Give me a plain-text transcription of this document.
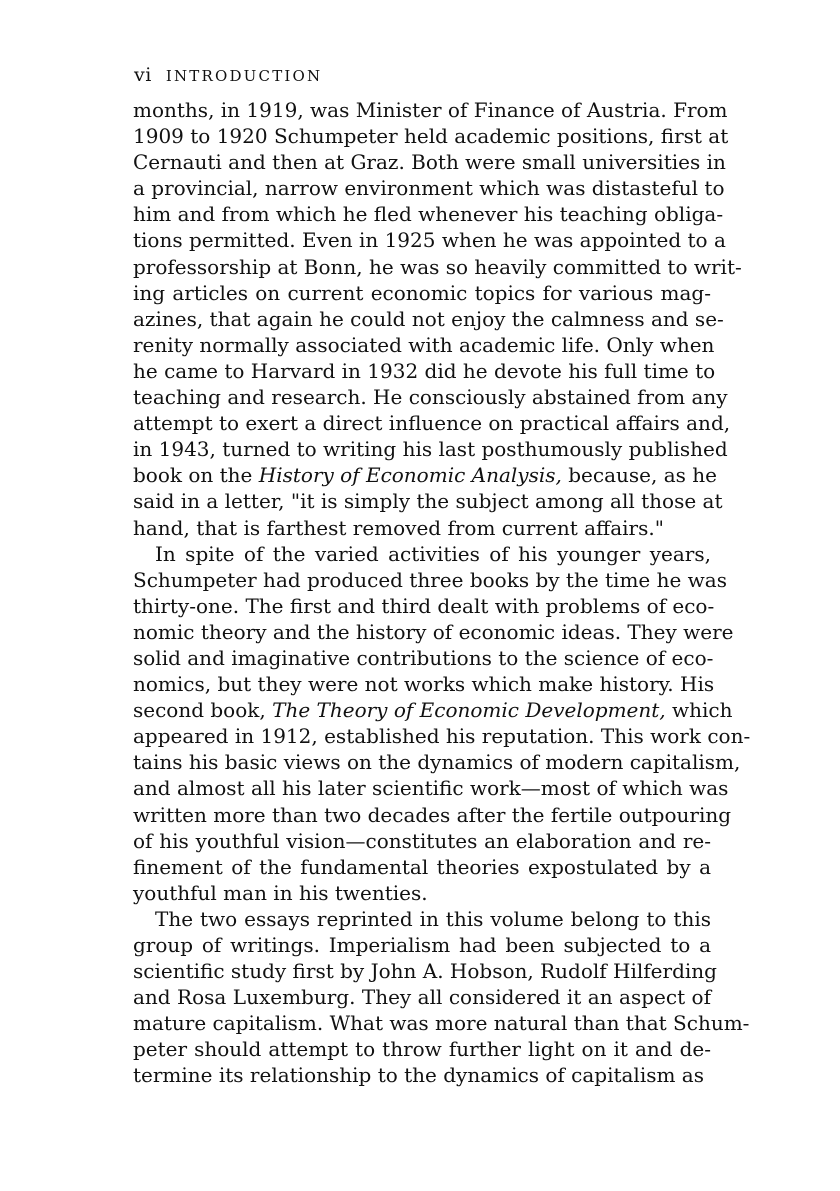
vi INTRODUCTION
months, in 1919, was Minister of Finance of Austria. From
1909 to 1920 Schumpeter held academic positions, first at
Cernauti and then at Graz. Both were small universities in
a provincial, narrow environment which was distasteful to
him and from which he fled whenever his teaching obliga-
tions permitted. Even in 1925 when he was appointed to a
professorship at Bonn, he was so heavily committed to writ-
ing articles on current economic topics for various mag-
azines, that again he could not enjoy the calmness and se-
renity normally associated with academic life. Only when
he came to Harvard in 1932 did he devote his full time to
teaching and research. He consciously abstained from any
attempt to exert a direct influence on practical affairs and,
in 1943, turned to writing his last posthumously published
book on the History of Economic Analysis, because, as he
said in a letter, "it is simply the subject among all those at
hand, that is farthest removed from current affairs."
In spite of the varied activities of his younger years,
Schumpeter had produced three books by the time he was
thirty-one. The first and third dealt with problems of eco-
nomic theory and the history of economic ideas. They were
solid and imaginative contributions to the science of eco-
nomics, but they were not works which make history. His
second book, The Theory of Economic Development, which
appeared in 1912, established his reputation. This work con-
tains his basic views on the dynamics of modern capitalism,
and almost all his later scientific work—most of which was
written more than two decades after the fertile outpouring
of his youthful vision—constitutes an elaboration and re-
finement of the fundamental theories expostulated by a
youthful man in his twenties.
The two essays reprinted in this volume belong to this
group of writings. Imperialism had been subjected to a
scientific study first by John A. Hobson, Rudolf Hilferding
and Rosa Luxemburg. They all considered it an aspect of
mature capitalism. What was more natural than that Schum-
peter should attempt to throw further light on it and de-
termine its relationship to the dynamics of capitalism as
